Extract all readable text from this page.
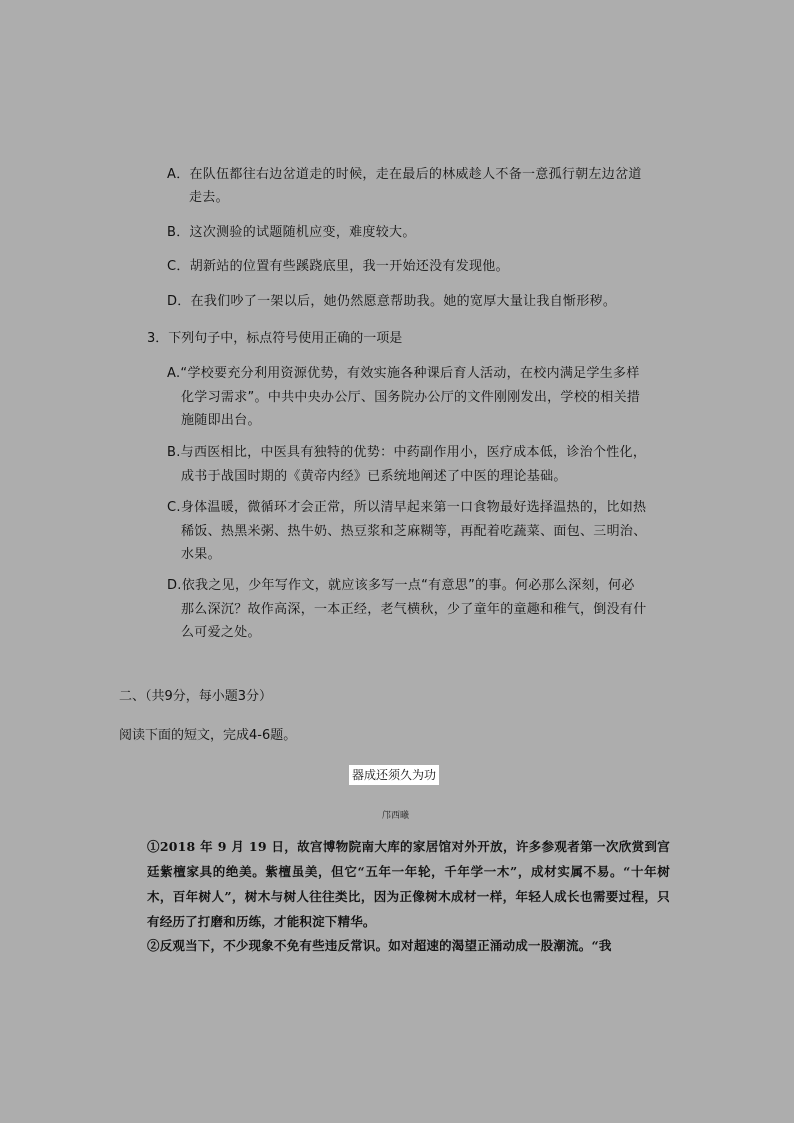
A．在队伍都往右边岔道走的时候，走在最后的林威趁人不备一意孤行朝左边岔道
走去。
B．这次测验的试题随机应变，难度较大。
C．胡新站的位置有些蹊跷底里，我一开始还没有发现他。
D．在我们吵了一架以后，她仍然愿意帮助我。她的宽厚大量让我自惭形秽。
3．下列句子中，标点符号使用正确的一项是
A.“学校要充分利用资源优势，有效实施各种课后育人活动，在校内满足学生多样
化学习需求”。中共中央办公厅、国务院办公厅的文件刚刚发出，学校的相关措
施随即出台。
B.与西医相比，中医具有独特的优势：中药副作用小，医疗成本低，诊治个性化，
成书于战国时期的《黄帝内经》已系统地阐述了中医的理论基础。
C.身体温暖，微循环才会正常，所以清早起来第一口食物最好选择温热的，比如热
稀饭、热黑米粥、热牛奶、热豆浆和芝麻糊等，再配着吃蔬菜、面包、三明治、
水果。
D.依我之见，少年写作文，就应该多写一点“有意思”的事。何必那么深刻，何必
那么深沉？故作高深，一本正经，老气横秋，少了童年的童趣和稚气，倒没有什
么可爱之处。
二、（共9分，每小题3分）
阅读下面的短文，完成4-6题。
器成还须久为功
邝西曦
①2018 年 9 月 19 日，故宫博物院南大库的家居馆对外开放，许多参观者第一次欣赏到宫廷紫檀家具的绝美。紫檀虽美，但它“五年一年轮，千年学一木”，成材实属不易。“十年树木，百年树人”，树木与树人往往类比，因为正像树木成材一样，年轻人成长也需要过程，只有经历了打磨和历练，才能积淀下精华。
②反观当下，不少现象不免有些违反常识。如对超速的渴望正涌动成一股潮流。“我
